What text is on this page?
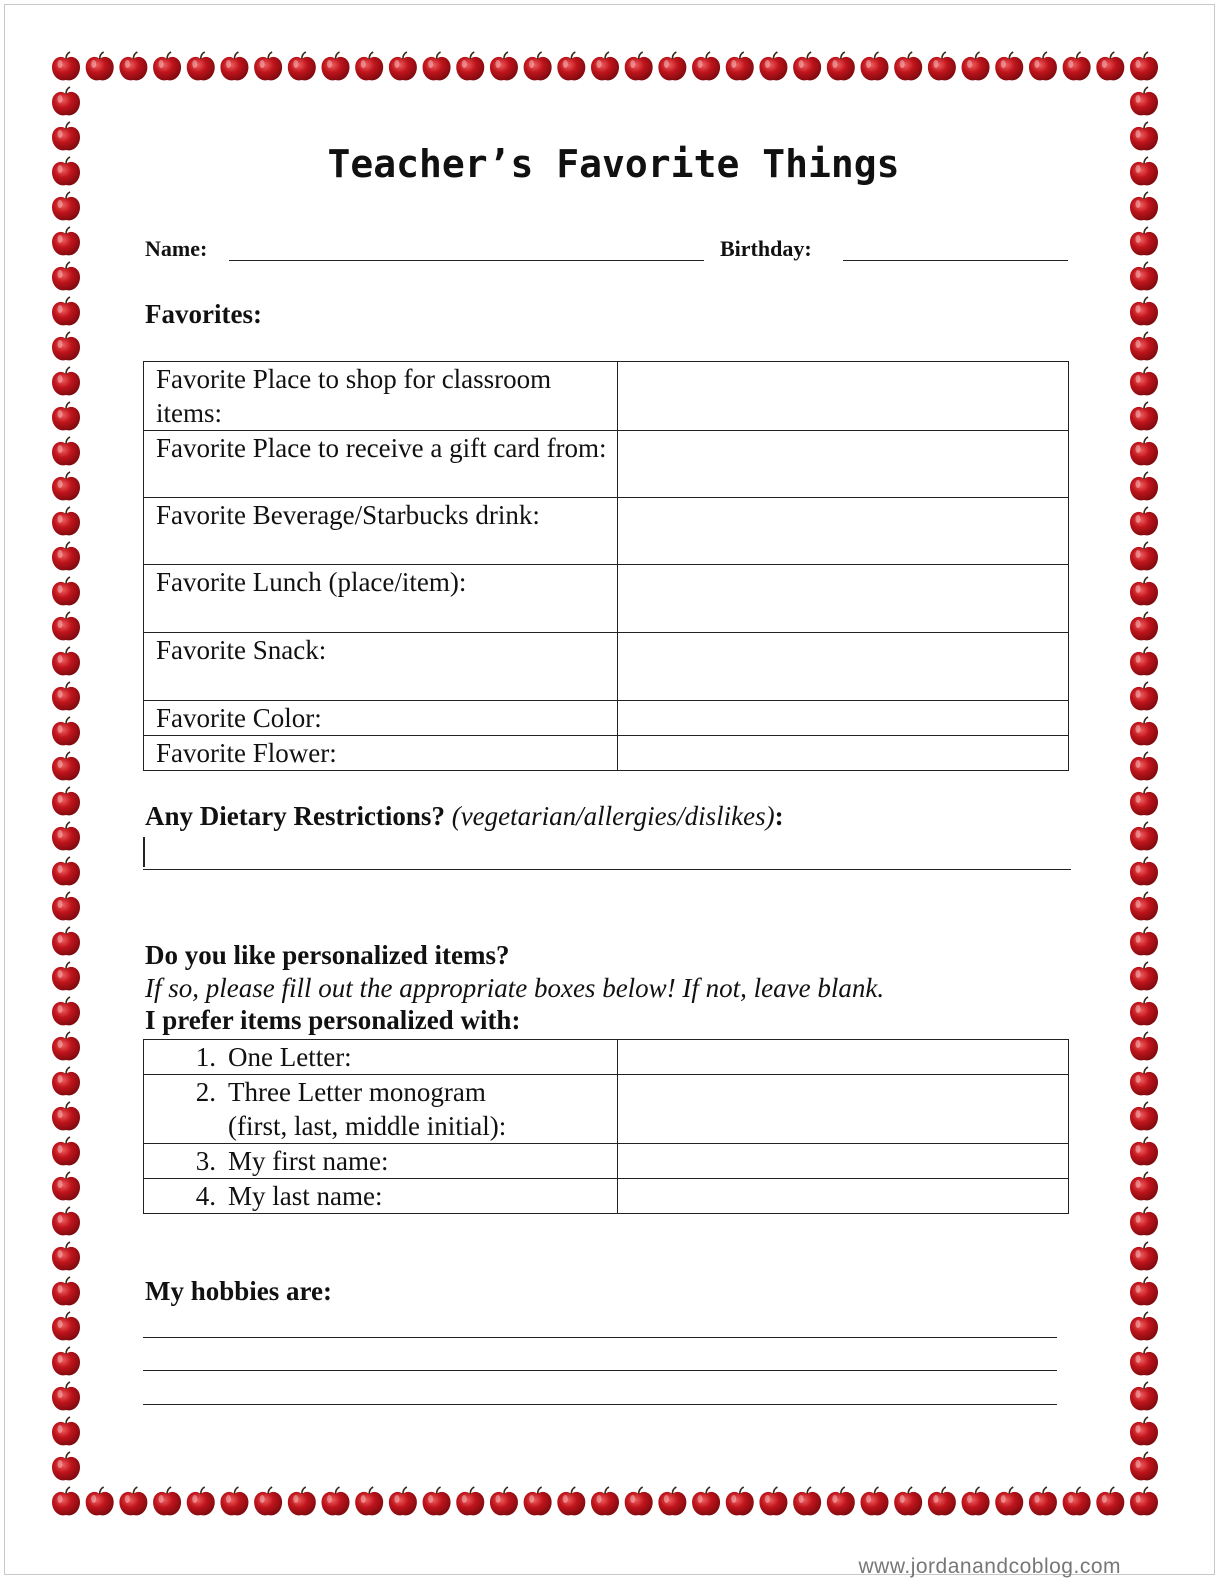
Teacher’s Favorite Things
Name:	Birthday:
Favorites:
Favorite Place to shop for classroom items:	
Favorite Place to receive a gift card from:	
Favorite Beverage/Starbucks drink:	
Favorite Lunch (place/item):	
Favorite Snack:	
Favorite Color:	
Favorite Flower:	
Any Dietary Restrictions? (vegetarian/allergies/dislikes):
Do you like personalized items?
If so, please fill out the appropriate boxes below! If not, leave blank.
I prefer items personalized with:
1. One Letter:	
2. Three Letter monogram
(first, last, middle initial):	

3. My first name:	
4. My last name:	
My hobbies are:
www.jordanandcoblog.com
